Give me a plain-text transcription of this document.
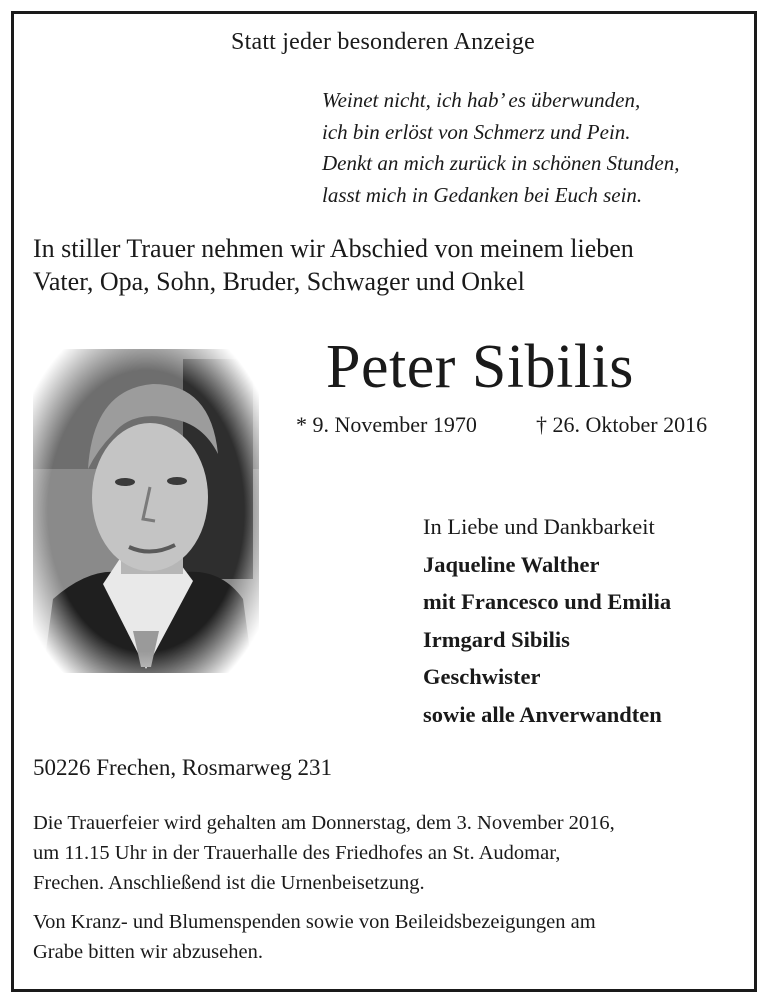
Statt jeder besonderen Anzeige
Weinet nicht, ich hab’ es überwunden,
ich bin erlöst von Schmerz und Pein.
Denkt an mich zurück in schönen Stunden,
lasst mich in Gedanken bei Euch sein.
In stiller Trauer nehmen wir Abschied von meinem lieben
Vater, Opa, Sohn, Bruder, Schwager und Onkel
Peter Sibilis
* 9. November 1970	† 26. Oktober 2016
In Liebe und Dankbarkeit
Jaqueline Walther
mit Francesco und Emilia
Irmgard Sibilis
Geschwister
sowie alle Anverwandten
50226 Frechen, Rosmarweg 231
Die Trauerfeier wird gehalten am Donnerstag, dem 3. November 2016,
um 11.15 Uhr in der Trauerhalle des Friedhofes an St. Audomar,
Frechen. Anschließend ist die Urnenbeisetzung.
Von Kranz- und Blumenspenden sowie von Beileidsbezeigungen am
Grabe bitten wir abzusehen.
